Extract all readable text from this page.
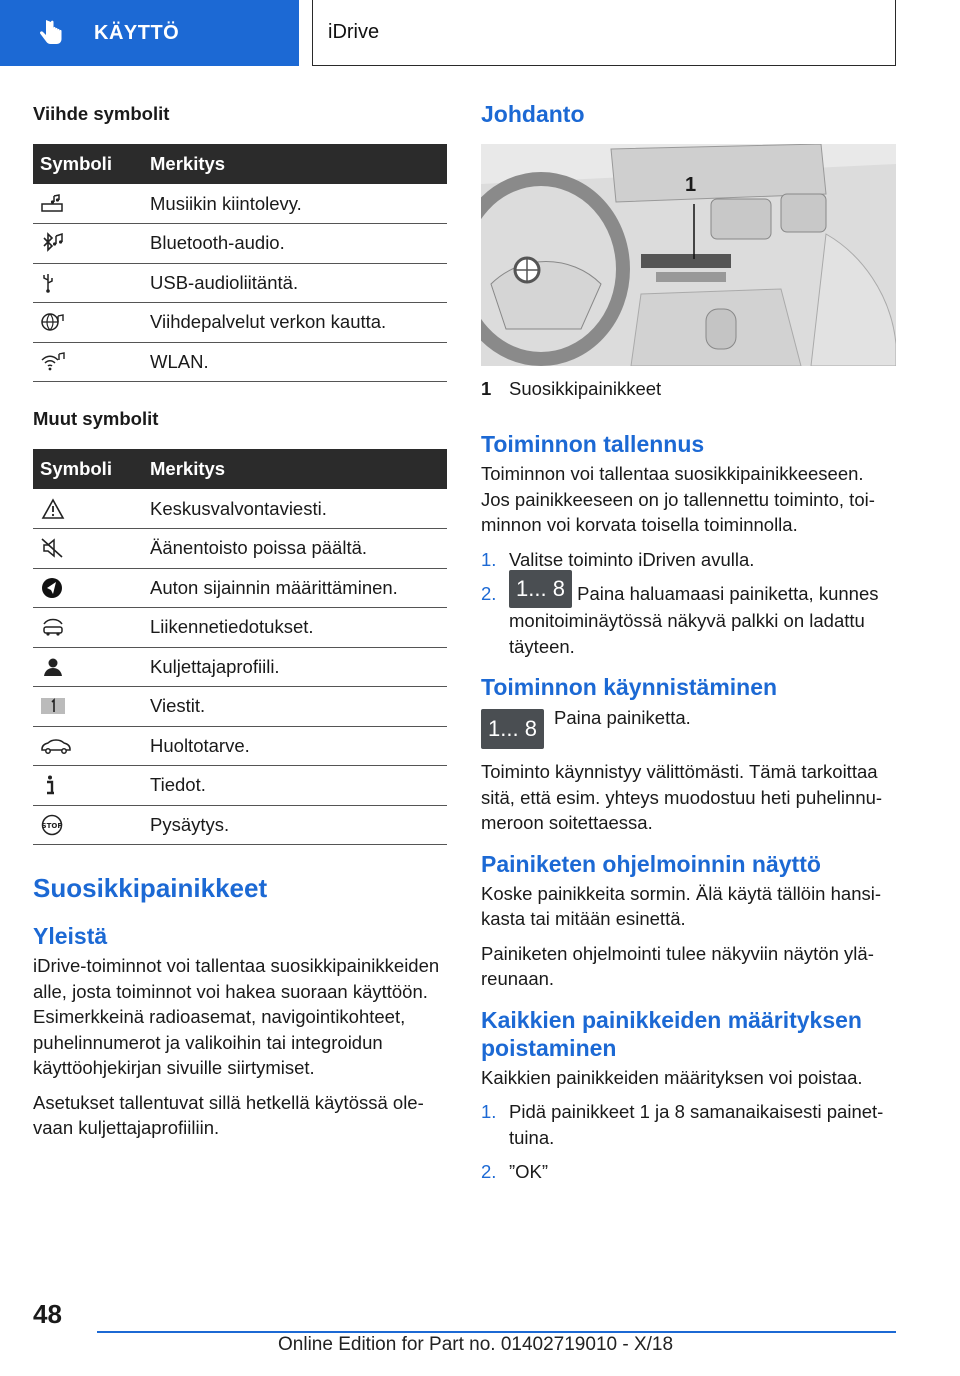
KÄYTTÖ	iDrive
Viihde symbolit
Symboli	Merkitys

	Musiikin kiintolevy.

	Bluetooth-audio.

	USB-audioliitäntä.

	Viihdepalvelut verkon kautta.

	WLAN.
Muut symbolit
Symboli	Merkitys

	Keskusvalvontaviesti.

	Äänentoisto poissa päältä.

	Auton sijainnin määrittäminen.

	Liikennetiedotukset.

	Kuljettajaprofiili.

	Viestit.

	Huoltotarve.

	Tiedot.

STOP	Pysäytys.
Suosikkipainikkeet
Yleistä

iDrive-toiminnot voi tallentaa suosikkipainikkeiden alle, josta toiminnot voi hakea suoraan käyttöön. Esimerkkeinä radioasemat, navigointikohteet, puhelinnumerot ja valikoihin tai integroidun käyttöohjekirjan sivuille siirtymiset.

Asetukset tallentuvat sillä hetkellä käytössä olevaan kuljettajaprofiiliin.

Johdanto
1
1 Suosikkipainikkeet
Toiminnon tallennus

Toiminnon voi tallentaa suosikkipainikkeeseen. Jos painikkeeseen on jo tallennettu toiminto, toiminnon voi korvata toisella toiminnolla.

1. Valitse toiminto iDriven avulla.
2. 1... 8 Paina haluamaasi painiketta, kunnes monitoiminäytössä näkyvä palkki on ladattu täyteen.
Toiminnon käynnistäminen
1... 8 Paina painiketta.

Toiminto käynnistyy välittömästi. Tämä tarkoittaa sitä, että esim. yhteys muodostuu heti puhelinnumeroon soitettaessa.

Painiketen ohjelmoinnin näyttö

Koske painikkeita sormin. Älä käytä tällöin hansikasta tai mitään esinettä.

Painiketen ohjelmointi tulee näkyviin näytön yläreunaan.

Kaikkien painikkeiden määrityksen poistaminen

Kaikkien painikkeiden määrityksen voi poistaa.

1. Pidä painikkeet 1 ja 8 samanaikaisesti painettuina.
2. ”OK”
48
Online Edition for Part no. 01402719010 - X/18
